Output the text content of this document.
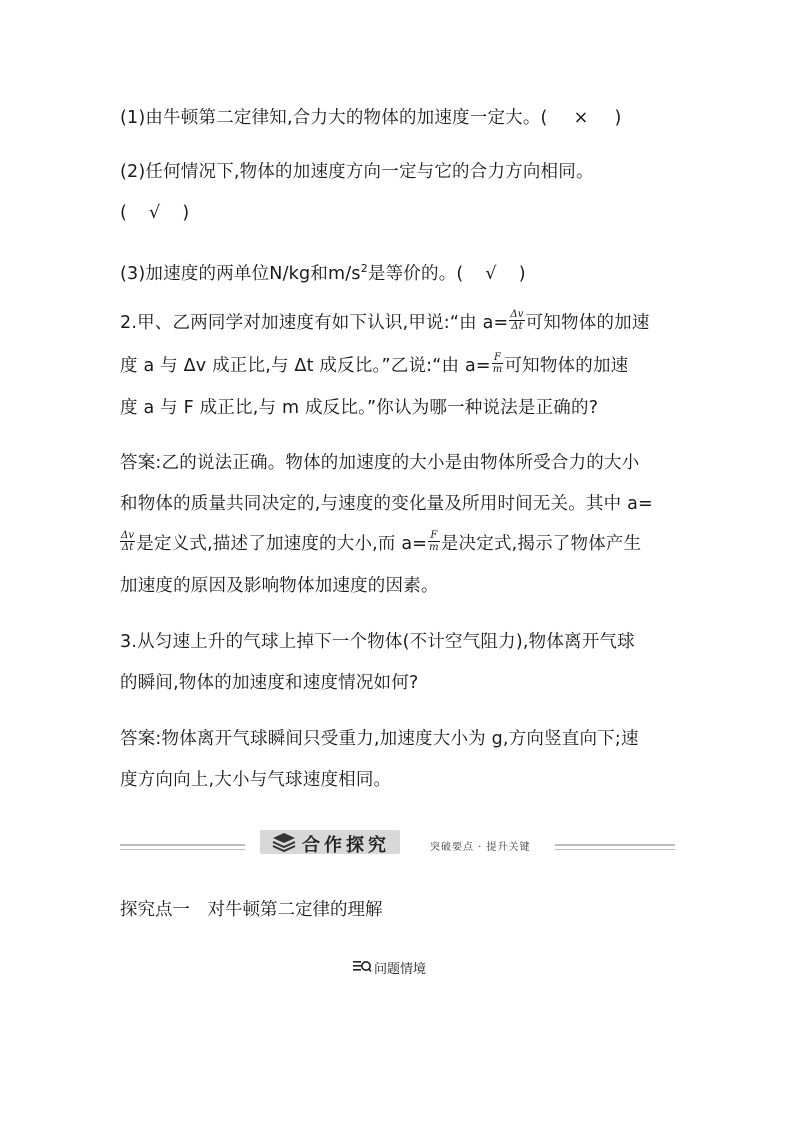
(1)由牛顿第二定律知,合力大的物体的加速度一定大。( × )
(2)任何情况下,物体的加速度方向一定与它的合力方向相同。
( √ )
(3)加速度的两单位N/kg和$m/s^2$是等价的。( √ )
2.甲、乙两同学对加速度有如下认识,甲说:“由 $a= \frac{\Delta v}{\Delta t}$ 可知物体的加速
度 a 与 Δv 成正比,与 Δt 成反比。”乙说:“由 $a= \frac{F}{m}$ 可知物体的加速
度 a 与 F 成正比,与 m 成反比。”你认为哪一种说法是正确的?
答案:乙的说法正确。物体的加速度的大小是由物体所受合力的大小
和物体的质量共同决定的,与速度的变化量及所用时间无关。其中 a=
$\frac{\Delta v}{\Delta t}$ 是定义式,描述了加速度的大小,而 $a= \frac{F}{m}$ 是决定式,揭示了物体产生
加速度的原因及影响物体加速度的因素。
3.从匀速上升的气球上掉下一个物体(不计空气阻力),物体离开气球
的瞬间,物体的加速度和速度情况如何?
答案:物体离开气球瞬间只受重力,加速度大小为 g,方向竖直向下;速
度方向向上,大小与气球速度相同。
合作探究	突破要点 · 提升关键
探究点一　对牛顿第二定律的理解
问题情境
